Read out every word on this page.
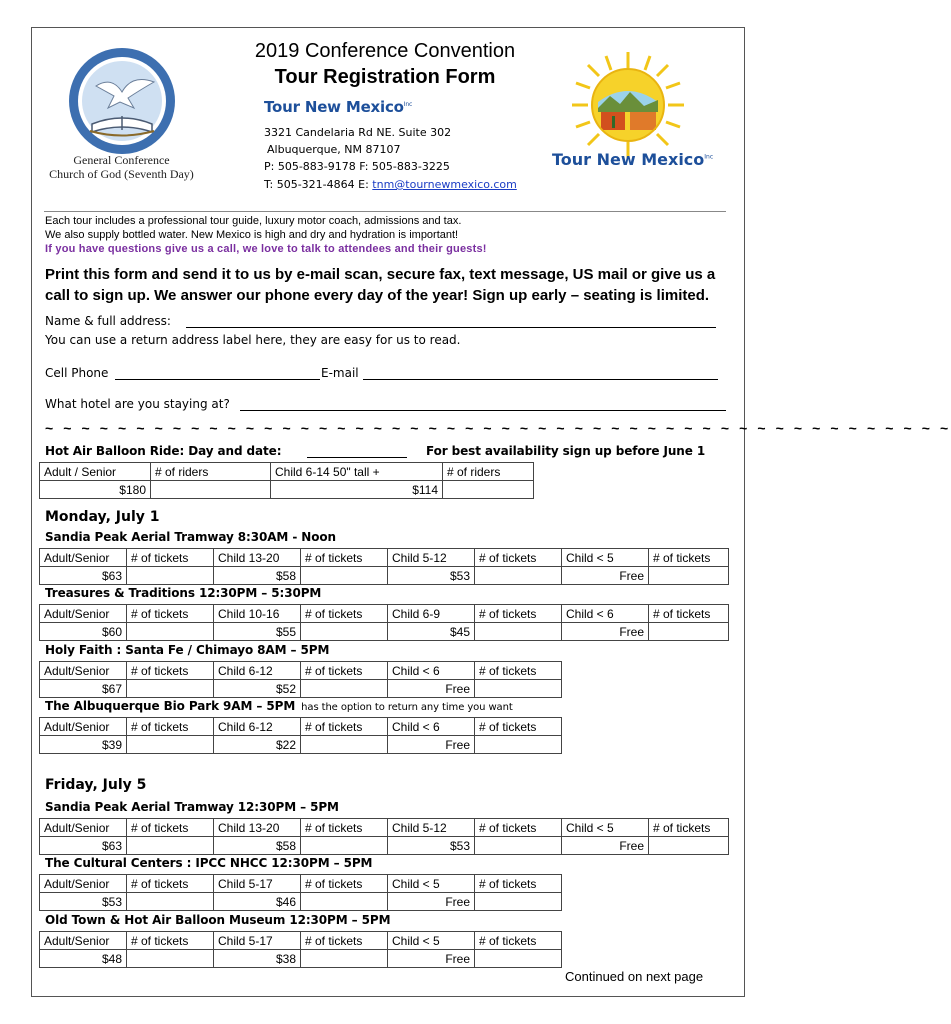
General Conference
Church of God (Seventh Day)
2019 Conference Convention
Tour Registration Form
Tour New Mexico$^{Inc}$
3321 Candelaria Rd NE. Suite 302
Albuquerque, NM 87107
P: 505-883-9178 F: 505-883-3225
T: 505-321-4864 E: tnm@tournewmexico.com
Tour New Mexico$^{Inc}$
Each tour includes a professional tour guide, luxury motor coach, admissions and tax.
We also supply bottled water. New Mexico is high and dry and hydration is important!
If you have questions give us a call, we love to talk to attendees and their guests!
Print this form and send it to us by e-mail scan, secure fax, text message, US mail or give us a call to sign up. We answer our phone every day of the year! Sign up early – seating is limited.
Name & full address:
You can use a return address label here, they are easy for us to read.
Cell Phone	E-mail
What hotel are you staying at?
~ ~ ~ ~ ~ ~ ~ ~ ~ ~ ~ ~ ~ ~ ~ ~ ~ ~ ~ ~ ~ ~ ~ ~ ~ ~ ~ ~ ~ ~ ~ ~ ~ ~ ~ ~ ~ ~ ~ ~ ~ ~ ~ ~ ~ ~ ~ ~ ~ ~
Hot Air Balloon Ride: Day and date:	For best availability sign up before June 1
Adult / Senior	# of riders	Child 6-14 50" tall +	# of riders
$180		$114	
Monday, July 1
Sandia Peak Aerial Tramway 8:30AM - Noon
Adult/Senior	# of tickets	Child 13-20	# of tickets	Child 5-12	# of tickets	Child < 5	# of tickets
$63		$58		$53		Free	
Treasures & Traditions 12:30PM – 5:30PM
Adult/Senior	# of tickets	Child 10-16	# of tickets	Child 6-9	# of tickets	Child < 6	# of tickets
$60		$55		$45		Free	
Holy Faith : Santa Fe / Chimayo 8AM – 5PM
Adult/Senior	# of tickets	Child 6-12	# of tickets	Child < 6	# of tickets
$67		$52		Free	
The Albuquerque Bio Park 9AM – 5PM has the option to return any time you want
Adult/Senior	# of tickets	Child 6-12	# of tickets	Child < 6	# of tickets
$39		$22		Free	
Friday, July 5
Sandia Peak Aerial Tramway 12:30PM – 5PM
Adult/Senior	# of tickets	Child 13-20	# of tickets	Child 5-12	# of tickets	Child < 5	# of tickets
$63		$58		$53		Free	
The Cultural Centers : IPCC NHCC 12:30PM – 5PM
Adult/Senior	# of tickets	Child 5-17	# of tickets	Child < 5	# of tickets
$53		$46		Free	
Old Town & Hot Air Balloon Museum 12:30PM – 5PM
Adult/Senior	# of tickets	Child 5-17	# of tickets	Child < 5	# of tickets
$48		$38		Free	
Continued on next page
